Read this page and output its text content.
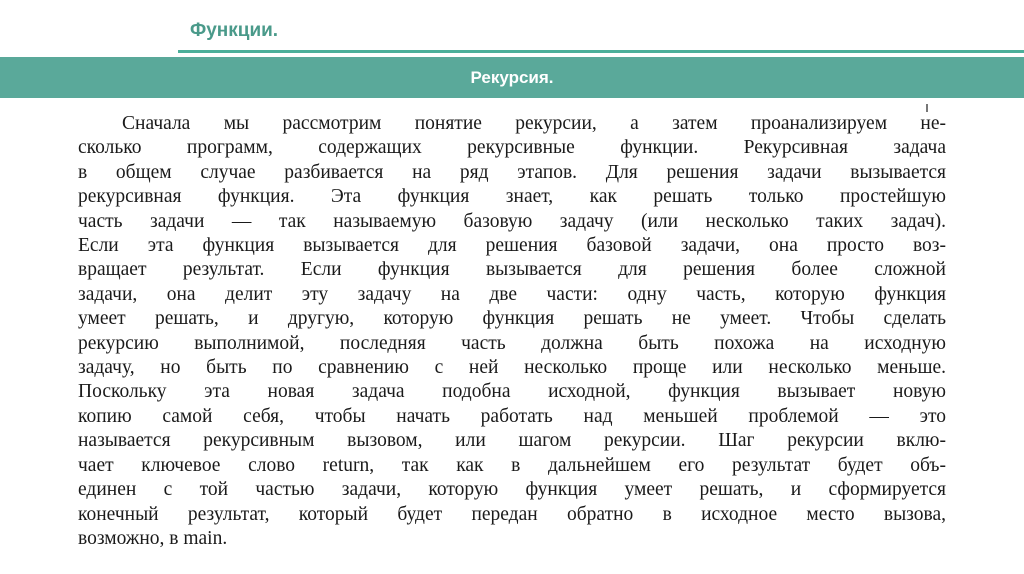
Функции.
Рекурсия.

Сначала мы рассмотрим понятие рекурсии, а затем проанализируем не-
сколько программ, содержащих рекурсивные функции. Рекурсивная задача
в общем случае разбивается на ряд этапов. Для решения задачи вызывается
рекурсивная функция. Эта функция знает, как решать только простейшую
часть задачи — так называемую базовую задачу (или несколько таких задач).
Если эта функция вызывается для решения базовой задачи, она просто воз-
вращает результат. Если функция вызывается для решения более сложной
задачи, она делит эту задачу на две части: одну часть, которую функция
умеет решать, и другую, которую функция решать не умеет. Чтобы сделать
рекурсию выполнимой, последняя часть должна быть похожа на исходную
задачу, но быть по сравнению с ней несколько проще или несколько меньше.
Поскольку эта новая задача подобна исходной, функция вызывает новую
копию самой себя, чтобы начать работать над меньшей проблемой — это
называется рекурсивным вызовом, или шагом рекурсии. Шаг рекурсии вклю-
чает ключевое слово return, так как в дальнейшем его результат будет объ-
единен с той частью задачи, которую функция умеет решать, и сформируется
конечный результат, который будет передан обратно в исходное место вызова,
возможно, в main.
